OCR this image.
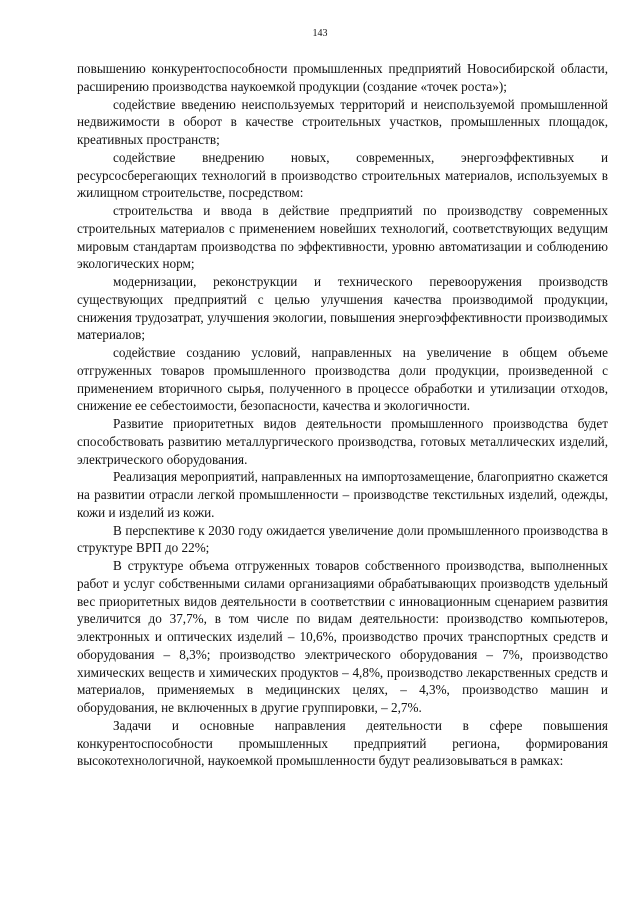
143

повышению конкурентоспособности промышленных предприятий Новосибирской области, расширению производства наукоемкой продукции (создание «точек роста»);

содействие введению неиспользуемых территорий и неиспользуемой промышленной недвижимости в оборот в качестве строительных участков, промышленных площадок, креативных пространств;

содействие внедрению новых, современных, энергоэффективных и ресурсосберегающих технологий в производство строительных материалов, используемых в жилищном строительстве, посредством:

строительства и ввода в действие предприятий по производству современных строительных материалов с применением новейших технологий, соответствующих ведущим мировым стандартам производства по эффективности, уровню автоматизации и соблюдению экологических норм;

модернизации, реконструкции и технического перевооружения производств существующих предприятий с целью улучшения качества производимой продукции, снижения трудозатрат, улучшения экологии, повышения энергоэффективности производимых материалов;

содействие созданию условий, направленных на увеличение в общем объеме отгруженных товаров промышленного производства доли продукции, произведенной с применением вторичного сырья, полученного в процессе обработки и утилизации отходов, снижение ее себестоимости, безопасности, качества и экологичности.

Развитие приоритетных видов деятельности промышленного производства будет способствовать развитию металлургического производства, готовых металлических изделий, электрического оборудования.

Реализация мероприятий, направленных на импортозамещение, благоприятно скажется на развитии отрасли легкой промышленности – производстве текстильных изделий, одежды, кожи и изделий из кожи.

В перспективе к 2030 году ожидается увеличение доли промышленного производства в структуре ВРП до 22%;

В структуре объема отгруженных товаров собственного производства, выполненных работ и услуг собственными силами организациями обрабатывающих производств удельный вес приоритетных видов деятельности в соответствии с инновационным сценарием развития увеличится до 37,7%, в том числе по видам деятельности: производство компьютеров, электронных и оптических изделий – 10,6%, производство прочих транспортных средств и оборудования – 8,3%; производство электрического оборудования – 7%, производство химических веществ и химических продуктов – 4,8%, производство лекарственных средств и материалов, применяемых в медицинских целях, – 4,3%, производство машин и оборудования, не включенных в другие группировки, – 2,7%.

Задачи и основные направления деятельности в сфере повышения конкурентоспособности промышленных предприятий региона, формирования высокотехнологичной, наукоемкой промышленности будут реализовываться в рамках:
